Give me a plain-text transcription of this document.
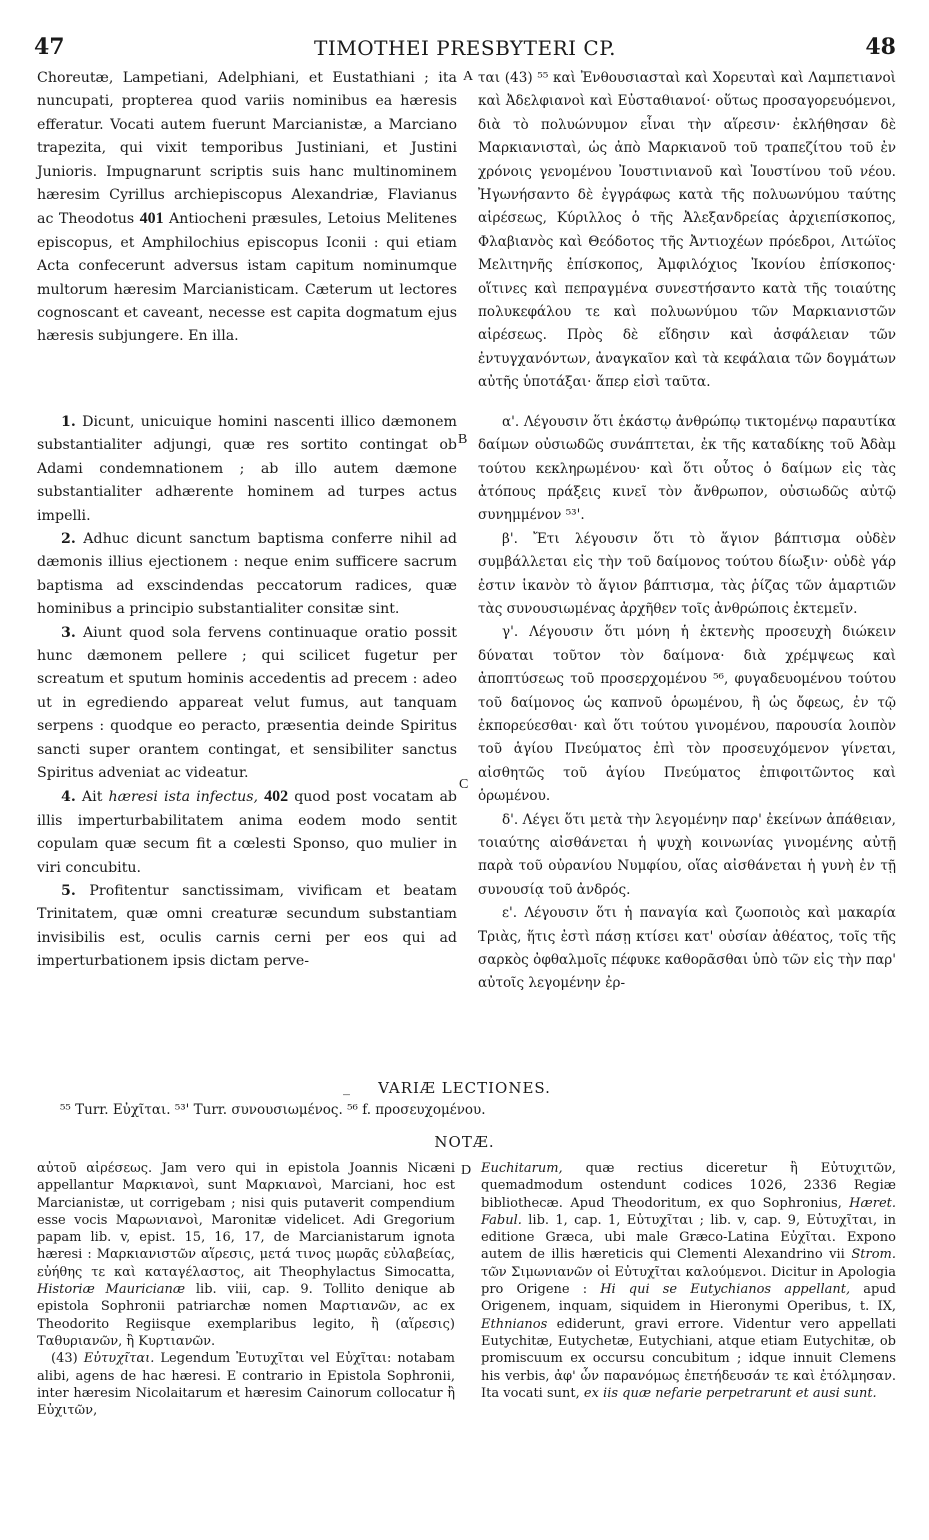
47	TIMOTHEI PRESBYTERI CP.	48
A
B
C
D

Choreutæ, Lampetiani, Adelphiani, et Eustathiani ; ita nuncupati, propterea quod variis nominibus ea hæresis efferatur. Vocati autem fuerunt Marcianistæ, a Marciano trapezita, qui vixit temporibus Justiniani, et Justini Junioris. Impugnarunt scriptis suis hanc multinominem hæresim Cyrillus archiepiscopus Alexandriæ, Flavianus ac Theodotus 401 Antiocheni præsules, Letoius Melitenes episcopus, et Amphilochius episcopus Iconii : qui etiam Acta confecerunt adversus istam capitum nominumque multorum hæresim Marcianisticam. Cæterum ut lectores cognoscant et caveant, necesse est capita dogmatum ejus hæresis subjungere. En illa.

1. Dicunt, unicuique homini nascenti illico dæmonem substantialiter adjungi, quæ res sortito contingat ob Adami condemnationem ; ab illo autem dæmone substantialiter adhærente hominem ad turpes actus impelli.

2. Adhuc dicunt sanctum baptisma conferre nihil ad dæmonis illius ejectionem : neque enim sufficere sacrum baptisma ad exscindendas peccatorum radices, quæ hominibus a principio substantialiter consitæ sint.

3. Aiunt quod sola fervens continuaque oratio possit hunc dæmonem pellere ; qui scilicet fugetur per screatum et sputum hominis accedentis ad precem : adeo ut in egrediendo appareat velut fumus, aut tanquam serpens : quodque eo peracto, præsentia deinde Spiritus sancti super orantem contingat, et sensibiliter sanctus Spiritus adveniat ac videatur.

4. Ait hæresi ista infectus, 402 quod post vocatam ab illis imperturbabilitatem anima eodem modo sentit copulam quæ secum fit a cœlesti Sponso, quo mulier in viri concubitu.

5. Profitentur sanctissimam, vivificam et beatam Trinitatem, quæ omni creaturæ secundum substantiam invisibilis est, oculis carnis cerni per eos qui ad imperturbationem ipsis dictam perve-

ται (43) ⁵⁵ καὶ Ἐνθουσιασταὶ καὶ Χορευταὶ καὶ Λαμπετιανοὶ καὶ Ἀδελφιανοὶ καὶ Εὐσταθιανοί· οὕτως προσαγορευόμενοι, διὰ τὸ πολυώνυμον εἶναι τὴν αἵρεσιν· ἐκλήθησαν δὲ Μαρκιανισταὶ, ὡς ἀπὸ Μαρκιανοῦ τοῦ τραπεζίτου τοῦ ἐν χρόνοις γενομένου Ἰουστινιανοῦ καὶ Ἰουστίνου τοῦ νέου. Ἠγωνήσαντο δὲ ἐγγράφως κατὰ τῆς πολυωνύμου ταύτης αἱρέσεως, Κύριλλος ὁ τῆς Ἀλεξανδρείας ἀρχιεπίσκοπος, Φλαβιανὸς καὶ Θεόδοτος τῆς Ἀντιοχέων πρόεδροι, Λιτώϊος Μελιτηνῆς ἐπίσκοπος, Ἀμφιλόχιος Ἰκονίου ἐπίσκοπος· οἵτινες καὶ πεπραγμένα συνεστήσαντο κατὰ τῆς τοιαύτης πολυκεφάλου τε καὶ πολυωνύμου τῶν Μαρκιανιστῶν αἱρέσεως. Πρὸς δὲ εἴδησιν καὶ ἀσφάλειαν τῶν ἐντυγχανόντων, ἀναγκαῖον καὶ τὰ κεφάλαια τῶν δογμάτων αὐτῆς ὑποτάξαι· ἅπερ εἰσὶ ταῦτα.

α'. Λέγουσιν ὅτι ἑκάστῳ ἀνθρώπῳ τικτομένῳ παραυτίκα δαίμων οὐσιωδῶς συνάπτεται, ἐκ τῆς καταδίκης τοῦ Ἀδὰμ τούτου κεκληρωμένου· καὶ ὅτι οὗτος ὁ δαίμων εἰς τὰς ἀτόπους πράξεις κινεῖ τὸν ἄνθρωπον, οὐσιωδῶς αὐτῷ συνημμένον ⁵³'.

β'. Ἔτι λέγουσιν ὅτι τὸ ἅγιον βάπτισμα οὐδὲν συμβάλλεται εἰς τὴν τοῦ δαίμονος τούτου δίωξιν· οὐδὲ γάρ ἐστιν ἱκανὸν τὸ ἅγιον βάπτισμα, τὰς ῥίζας τῶν ἁμαρτιῶν τὰς συνουσιωμένας ἀρχῆθεν τοῖς ἀνθρώποις ἐκτεμεῖν.

γ'. Λέγουσιν ὅτι μόνη ἡ ἐκτενὴς προσευχὴ διώκειν δύναται τοῦτον τὸν δαίμονα· διὰ χρέμψεως καὶ ἀποπτύσεως τοῦ προσερχομένου ⁵⁶, φυγαδευομένου τούτου τοῦ δαίμονος ὡς καπνοῦ ὁρωμένου, ἢ ὡς ὄφεως, ἐν τῷ ἐκπορεύεσθαι· καὶ ὅτι τούτου γινομένου, παρουσία λοιπὸν τοῦ ἁγίου Πνεύματος ἐπὶ τὸν προσευχόμενον γίνεται, αἰσθητῶς τοῦ ἁγίου Πνεύματος ἐπιφοιτῶντος καὶ ὁρωμένου.

δ'. Λέγει ὅτι μετὰ τὴν λεγομένην παρ' ἐκείνων ἀπάθειαν, τοιαύτης αἰσθάνεται ἡ ψυχὴ κοινωνίας γινομένης αὐτῇ παρὰ τοῦ οὐρανίου Νυμφίου, οἵας αἰσθάνεται ἡ γυνὴ ἐν τῇ συνουσίᾳ τοῦ ἀνδρός.

ε'. Λέγουσιν ὅτι ἡ παναγία καὶ ζωοποιὸς καὶ μακαρία Τριὰς, ἥτις ἐστὶ πάσῃ κτίσει κατ' οὐσίαν ἀθέατος, τοῖς τῆς σαρκὸς ὀφθαλμοῖς πέφυκε καθορᾶσθαι ὑπὸ τῶν εἰς τὴν παρ' αὐτοῖς λεγομένην ἐρ-

_	VARIÆ LECTIONES.
⁵⁵ Turr. Εὐχῖται. ⁵³' Turr. συνουσιωμένος. ⁵⁶ f. προσευχομένου.
NOTÆ.

αὐτοῦ αἱρέσεως. Jam vero qui in epistola Joannis Nicæni appellantur Μαρκιανοὶ, sunt Μαρκιανοὶ, Marciani, hoc est Marcianistæ, ut corrigebam ; nisi quis putaverit compendium esse vocis Μαρωνιανοὶ, Maronitæ videlicet. Adi Gregorium papam lib. v, epist. 15, 16, 17, de Marcianistarum ignota hæresi : Μαρκιανιστῶν αἵρεσις, μετά τινος μωρᾶς εὐλαβείας, εὐήθης τε καὶ καταγέλαστος, ait Theophylactus Simocatta, Historiæ Mauricianæ lib. viii, cap. 9. Tollito denique ab epistola Sophronii patriarchæ nomen Μαρτιανῶν, ac ex Theodorito Regiisque exemplaribus legito, ἢ (αἵρεσις) Ταθυριανῶν, ἢ Κυρτιανῶν.

(43) Εὐτυχῖται. Legendum Ἐυτυχῖται vel Εὐχῖται: notabam alibi, agens de hac hæresi. E contrario in Epistola Sophronii, inter hæresim Nicolaitarum et hæresim Cainorum collocatur ἢ Εὐχιτῶν,

Euchitarum, quæ rectius diceretur ἢ Εὐτυχιτῶν, quemadmodum ostendunt codices 1026, 2336 Regiæ bibliothecæ. Apud Theodoritum, ex quo Sophronius, Hæret. Fabul. lib. 1, cap. 1, Εὐτυχῖται ; lib. v, cap. 9, Εὐτυχῖται, in editione Græca, ubi male Græco-Latina Εὐχῖται. Expono autem de illis hæreticis qui Clementi Alexandrino vii Strom. τῶν Σιμωνιανῶν οἱ Εὐτυχῖται καλούμενοι. Dicitur in Apologia pro Origene : Hi qui se Eutychianos appellant, apud Origenem, inquam, siquidem in Hieronymi Operibus, t. IX, Ethnianos ediderunt, gravi errore. Videntur vero appellati Eutychitæ, Eutychetæ, Eutychiani, atque etiam Eutychitæ, ob promiscuum ex occursu concubitum ; idque innuit Clemens his verbis, ἀφ' ὧν παρανόμως ἐπετήδευσάν τε καὶ ἐτόλμησαν. Ita vocati sunt, ex iis quæ nefarie perpetrarunt et ausi sunt.
